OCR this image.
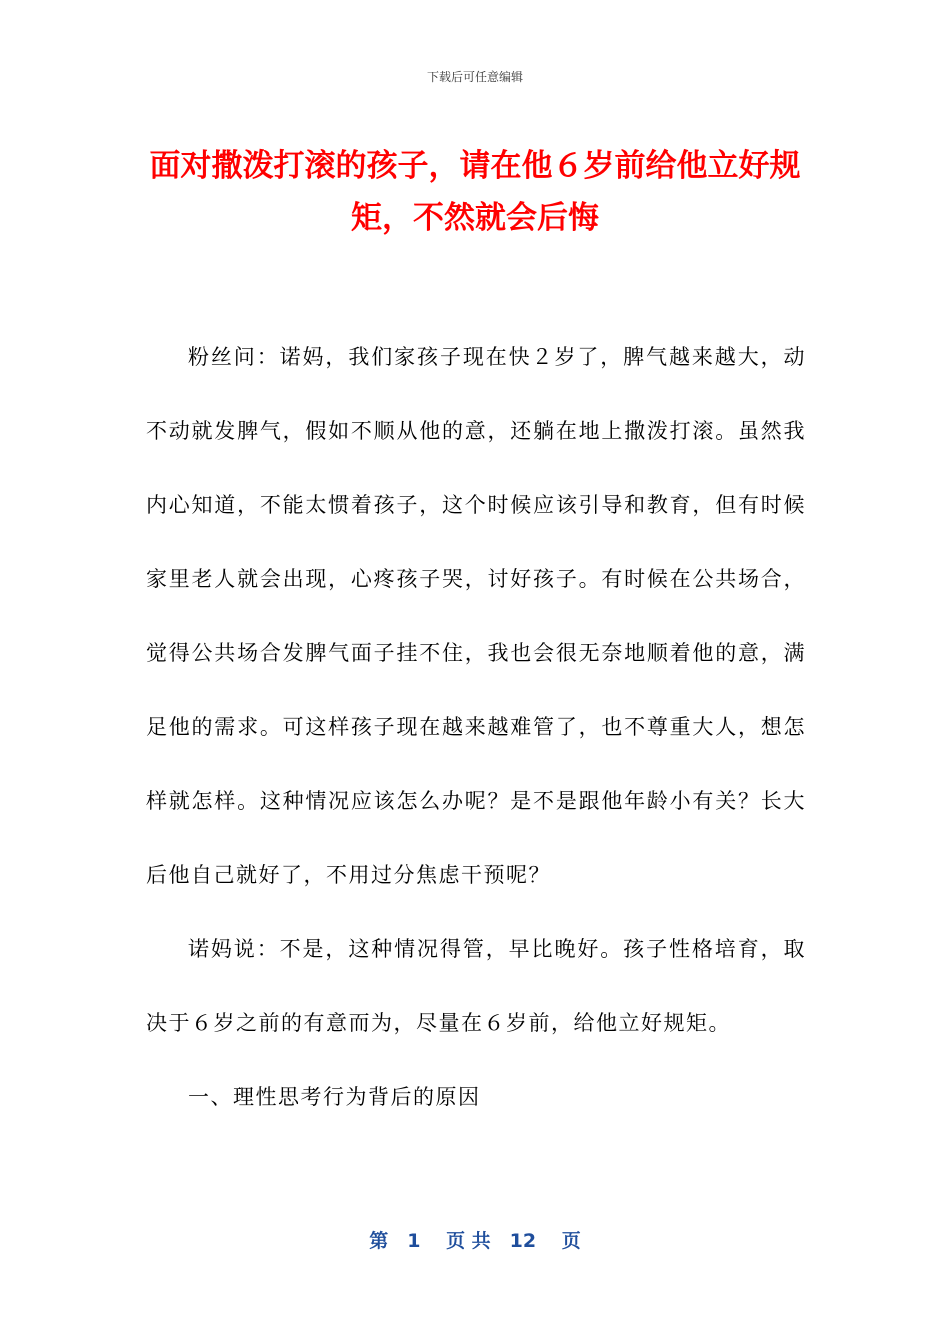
下载后可任意编辑
面对撒泼打滚的孩子，请在他６岁前给他立好规矩，不然就会后悔

粉丝问：诺妈，我们家孩子现在快２岁了，脾气越来越大，动不动就发脾气，假如不顺从他的意，还躺在地上撒泼打滚。虽然我内心知道，不能太惯着孩子，这个时候应该引导和教育，但有时候家里老人就会出现，心疼孩子哭，讨好孩子。有时候在公共场合，觉得公共场合发脾气面子挂不住，我也会很无奈地顺着他的意，满足他的需求。可这样孩子现在越来越难管了，也不尊重大人，想怎样就怎样。这种情况应该怎么办呢？是不是跟他年龄小有关？长大后他自己就好了，不用过分焦虑干预呢？

诺妈说：不是，这种情况得管，早比晚好。孩子性格培育，取决于６岁之前的有意而为，尽量在６岁前，给他立好规矩。

一、理性思考行为背后的原因

第　1　 页 共　12　 页
